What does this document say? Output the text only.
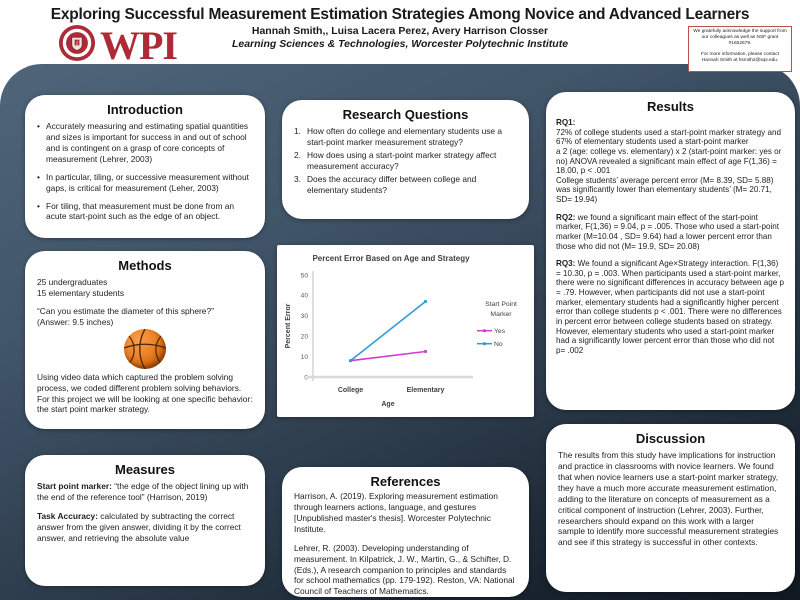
Exploring Successful Measurement Estimation Strategies Among Novice and Advanced Learners
Hannah Smith,, Luisa Lacera Perez, Avery Harrison Closser
Learning Sciences & Technologies, Worcester Polytechnic Institute
2 WPI	We gratefully acknowledge the support from our colleagues as well as NSF grant #1652579.

For more information, please contact Hannah Smith at hsmith2@wpi.edu.

Introduction
• Accurately measuring and estimating spatial quantities and sizes is important for success in and out of school and is contingent on a grasp of core concepts of measurement (Lehrer, 2003)
• In particular, tiling, or successive measurement without gaps, is critical for measurement (Leher, 2003)
• For tiling, that measurement must be done from an acute start-point such as the edge of an object.
Methods
25 undergraduates
15 elementary students
“Can you estimate the diameter of this sphere?”
(Answer: 9.5 inches)
Using video data which captured the problem solving process, we coded different problem solving behaviors. For this project we will be looking at one specific behavior: the start point marker strategy.
Measures

Start point marker: “the edge of the object lining up with the end of the reference tool” (Harrison, 2019)

Task Accuracy: calculated by subtracting the correct answer from the given answer, dividing it by the correct answer, and retrieving the absolute value

Research Questions
1. How often do college and elementary students use a start-point marker measurement strategy?
2. How does using a start-point marker strategy affect measurement accuracy?
3. Does the accuracy differ between college and elementary students?
Percent Error Based on Age and Strategy
0
10
20
30
40
50
College	Elementary
Age
Percent Error	Start Point
Marker
Yes
No
References

Harrison, A. (2019). Exploring measurement estimation through learners actions, language, and gestures [Unpublished master's thesis]. Worcester Polytechnic Institute.

Lehrer, R. (2003). Developing understanding of measurement. In Kilpatrick, J. W., Martin, G., & Schifter, D. (Eds.), A research companion to principles and standards for school mathematics (pp. 179-192). Reston, VA: National Council of Teachers of Mathematics.

Results
RQ1:
72% of college students used a start-point marker strategy and 67% of elementary students used a start-point marker
a 2 (age: college vs. elementary) x 2 (start-point marker: yes or no) ANOVA revealed a significant main effect of age F(1,36) = 18.00, p < .001
College students’ average percent error (M= 8.39, SD= 5.88) was significantly lower than elementary students’ (M= 20.71, SD= 19.94)
RQ2: we found a significant main effect of the start-point marker, F(1,36) = 9.04, p = .005. Those who used a start-point marker (M=10.04 , SD= 9.64) had a lower percent error than those who did not (M= 19.9, SD= 20.08)
RQ3: We found a significant Age×Strategy interaction. F(1,36) = 10.30, p = .003. When participants used a start-point marker, there were no significant differences in accuracy between age p = .79. However, when participants did not use a start-point marker, elementary students had a significantly higher percent error than college students p < .001. There were no differences in percent error between college students based on strategy. However, elementary students who used a start-point marker had a significantly lower percent error than those who did not p= .002
Discussion
The results from this study have implications for instruction and practice in classrooms with novice learners. We found that when novice learners use a start-point marker strategy, they have a much more accurate measurement estimation, adding to the literature on concepts of measurement as a critical component of instruction (Lehrer, 2003). Further, researchers should expand on this work with a larger sample to identify more successful measurement strategies and see if this strategy is successful in other contexts.
